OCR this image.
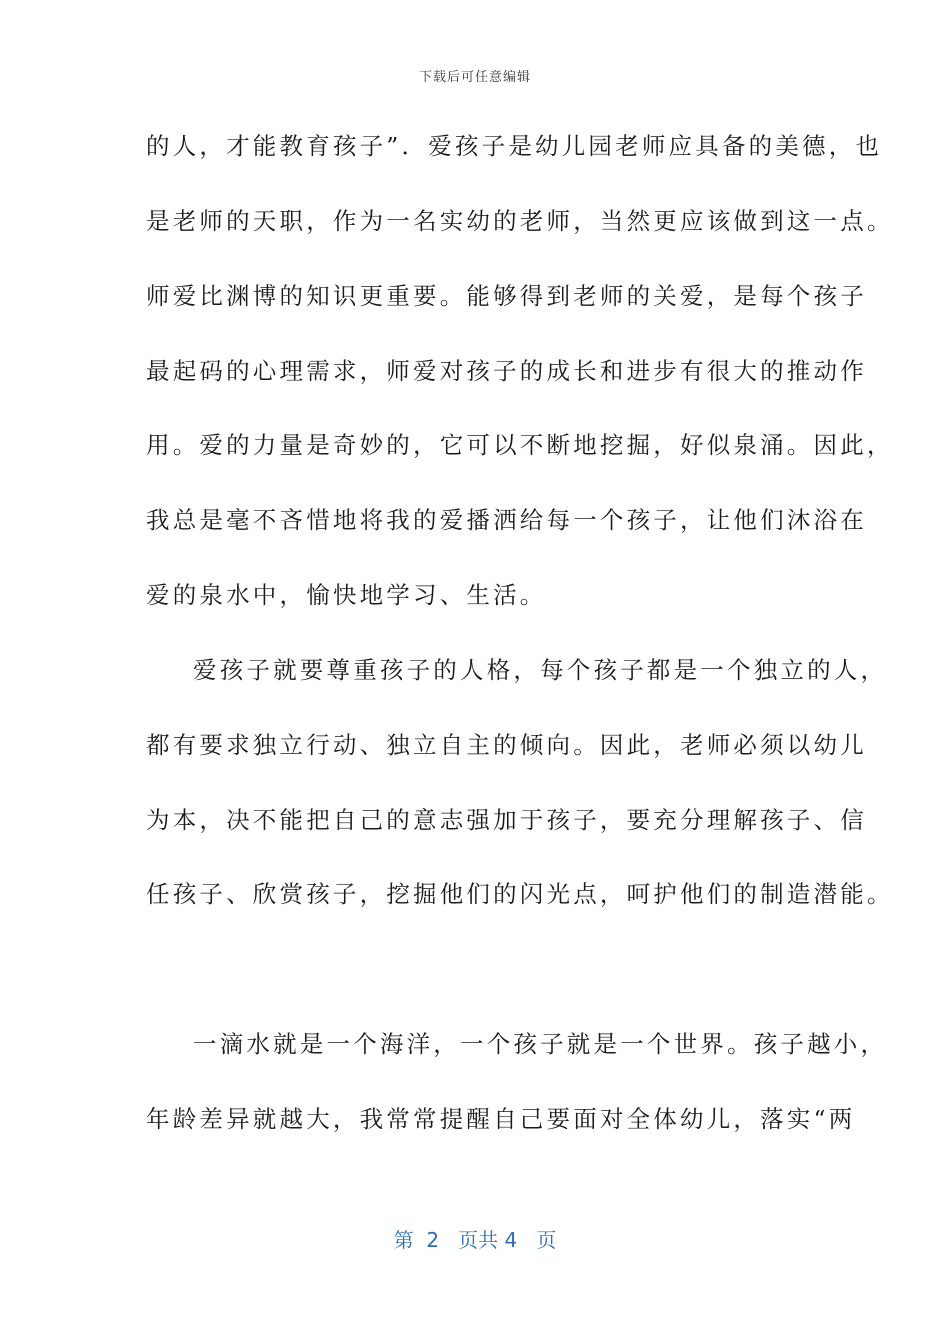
下载后可任意编辑
的人，才能教育孩子”．爱孩子是幼儿园老师应具备的美德，也
是老师的天职，作为一名实幼的老师，当然更应该做到这一点。
师爱比渊博的知识更重要。能够得到老师的关爱，是每个孩子
最起码的心理需求，师爱对孩子的成长和进步有很大的推动作
用。爱的力量是奇妙的，它可以不断地挖掘，好似泉涌。因此，
我总是毫不吝惜地将我的爱播洒给每一个孩子，让他们沐浴在
爱的泉水中，愉快地学习、生活。
爱孩子就要尊重孩子的人格，每个孩子都是一个独立的人，
都有要求独立行动、独立自主的倾向。因此，老师必须以幼儿
为本，决不能把自己的意志强加于孩子，要充分理解孩子、信
任孩子、欣赏孩子，挖掘他们的闪光点，呵护他们的制造潜能。
一滴水就是一个海洋，一个孩子就是一个世界。孩子越小，
年龄差异就越大，我常常提醒自己要面对全体幼儿，落实“两
第  2   页共 4   页
